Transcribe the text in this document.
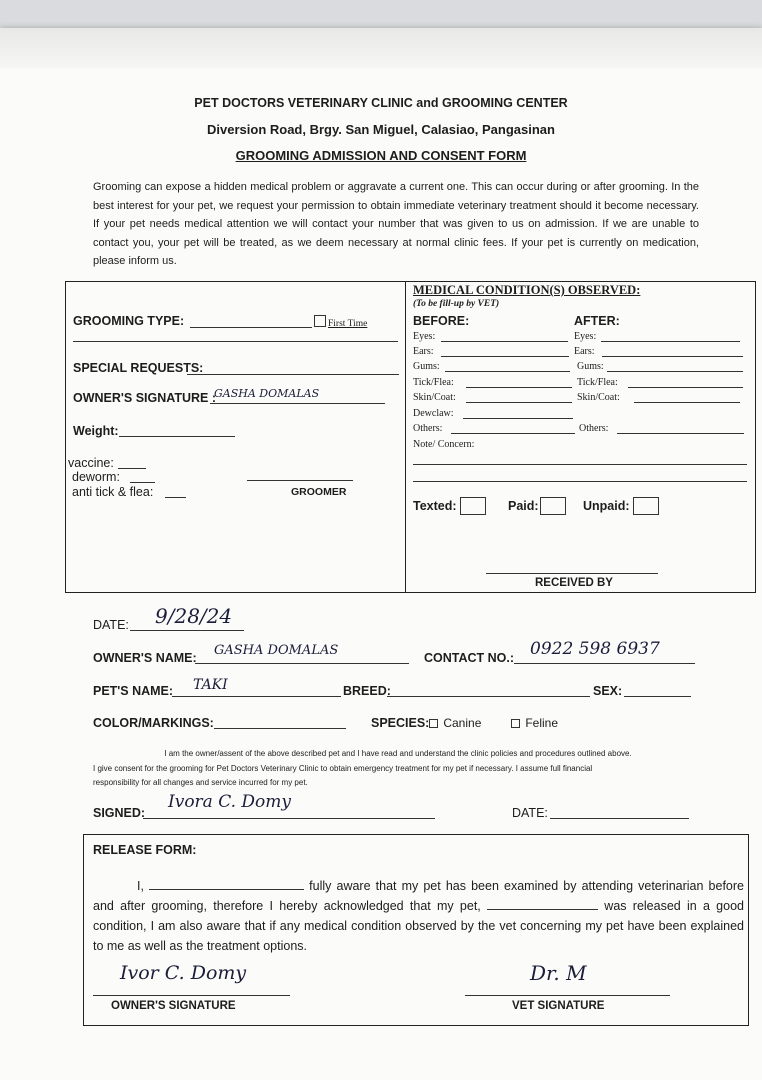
PET DOCTORS VETERINARY CLINIC and GROOMING CENTER
Diversion Road, Brgy. San Miguel, Calasiao, Pangasinan
GROOMING ADMISSION AND CONSENT FORM
Grooming can expose a hidden medical problem or aggravate a current one. This can occur during or after grooming. In the best interest for your pet, we request your permission to obtain immediate veterinary treatment should it become necessary. If your pet needs medical attention we will contact your number that was given to us on admission. If we are unable to contact you, your pet will be treated, as we deem necessary at normal clinic fees. If your pet is currently on medication, please inform us.
GROOMING TYPE:	First Time
SPECIAL REQUESTS:
OWNER'S SIGNATURE :
GASHA DOMALAS
Weight:
vaccine:
deworm:
anti tick & flea:	GROOMER
MEDICAL CONDITION(S) OBSERVED:
(To be fill-up by VET)
BEFORE:	AFTER:
Eyes:	Eyes:
Ears:	Ears:
Gums:	Gums:
Tick/Flea:	Tick/Flea:
Skin/Coat:	Skin/Coat:
Dewclaw:
Others:	Others:
Note/ Concern:
Texted:	Paid:	Unpaid:
RECEIVED BY
DATE: 9/28/24
OWNER'S NAME: GASHA DOMALAS	CONTACT NO.: 0922 598 6937
PET'S NAME: TAKI	BREED:	SEX:
COLOR/MARKINGS:	SPECIES:	Canine	Feline
I am the owner/assent of the above described pet and I have read and understand the clinic policies and procedures outlined above.
I give consent for the grooming for Pet Doctors Veterinary Clinic to obtain emergency treatment for my pet if necessary. I assume full financial
responsibility for all changes and service incurred for my pet.
SIGNED:
Ivora C. Domy
DATE:
RELEASE FORM:
I,	fully aware that my pet has been examined by attending veterinarian before and after grooming, therefore I hereby acknowledged that my pet,	was released in a good condition, I am also aware that if any medical condition observed by the vet concerning my pet have been explained to me as well as the treatment options.
Ivor C. Domy
OWNER'S SIGNATURE
Dr. M
VET SIGNATURE
